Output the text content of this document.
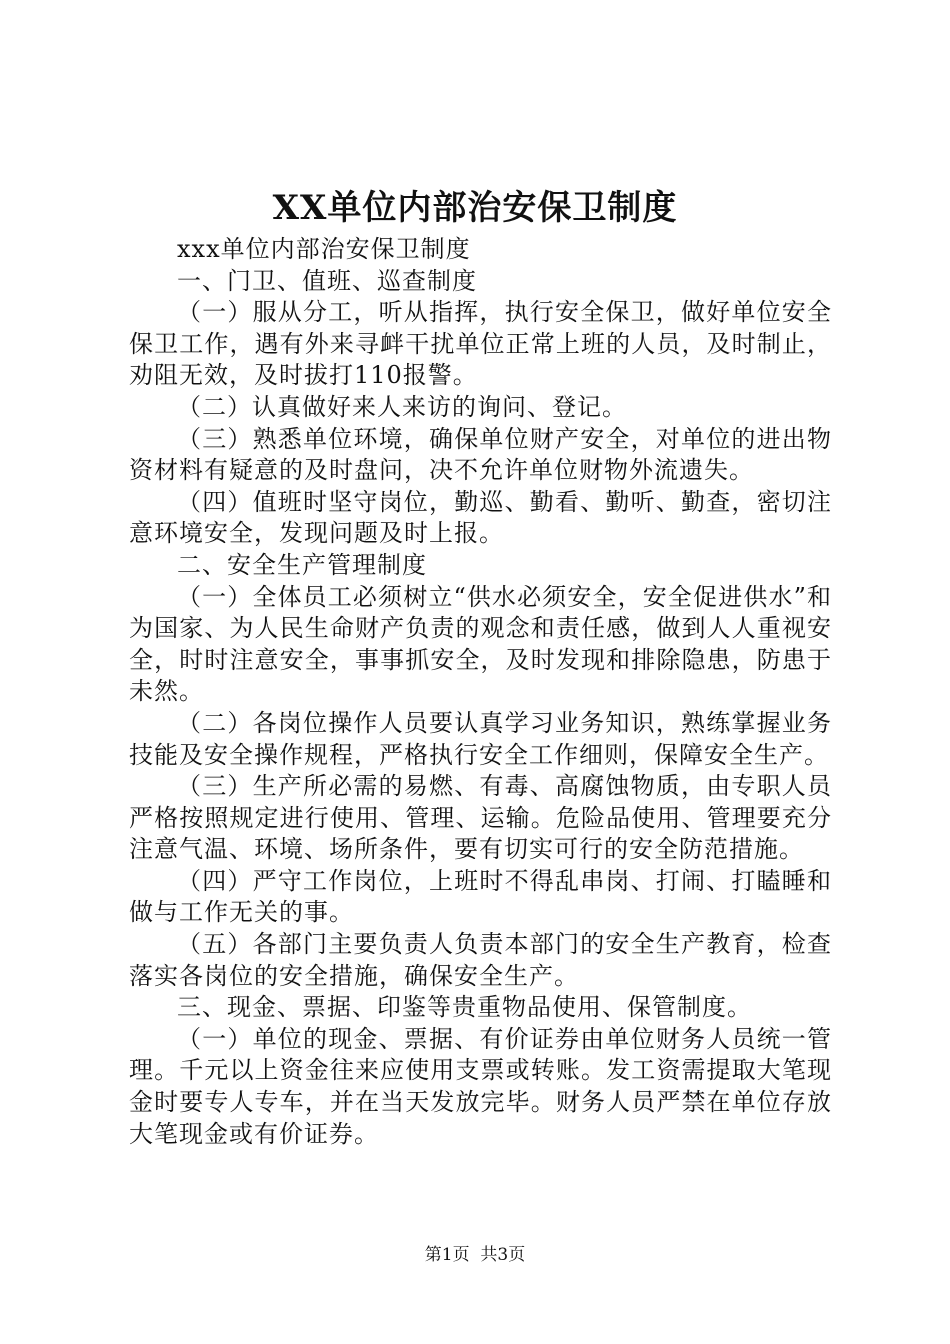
XX单位内部治安保卫制度

xxx单位内部治安保卫制度

一、门卫、值班、巡查制度

（一）服从分工，听从指挥，执行安全保卫，做好单位安全保卫工作，遇有外来寻衅干扰单位正常上班的人员，及时制止，劝阻无效，及时拔打110报警。

（二）认真做好来人来访的询问、登记。

（三）熟悉单位环境，确保单位财产安全，对单位的进出物资材料有疑意的及时盘问，决不允许单位财物外流遗失。

（四）值班时坚守岗位，勤巡、勤看、勤听、勤查，密切注意环境安全，发现问题及时上报。

二、安全生产管理制度

（一）全体员工必须树立“供水必须安全，安全促进供水”和为国家、为人民生命财产负责的观念和责任感，做到人人重视安全，时时注意安全，事事抓安全，及时发现和排除隐患，防患于未然。

（二）各岗位操作人员要认真学习业务知识，熟练掌握业务技能及安全操作规程，严格执行安全工作细则，保障安全生产。

（三）生产所必需的易燃、有毒、高腐蚀物质，由专职人员严格按照规定进行使用、管理、运输。危险品使用、管理要充分注意气温、环境、场所条件，要有切实可行的安全防范措施。

（四）严守工作岗位，上班时不得乱串岗、打闹、打瞌睡和做与工作无关的事。

（五）各部门主要负责人负责本部门的安全生产教育，检查落实各岗位的安全措施，确保安全生产。

三、现金、票据、印鉴等贵重物品使用、保管制度。

（一）单位的现金、票据、有价证券由单位财务人员统一管理。千元以上资金往来应使用支票或转账。发工资需提取大笔现金时要专人专车，并在当天发放完毕。财务人员严禁在单位存放大笔现金或有价证券。

第1页 共3页
